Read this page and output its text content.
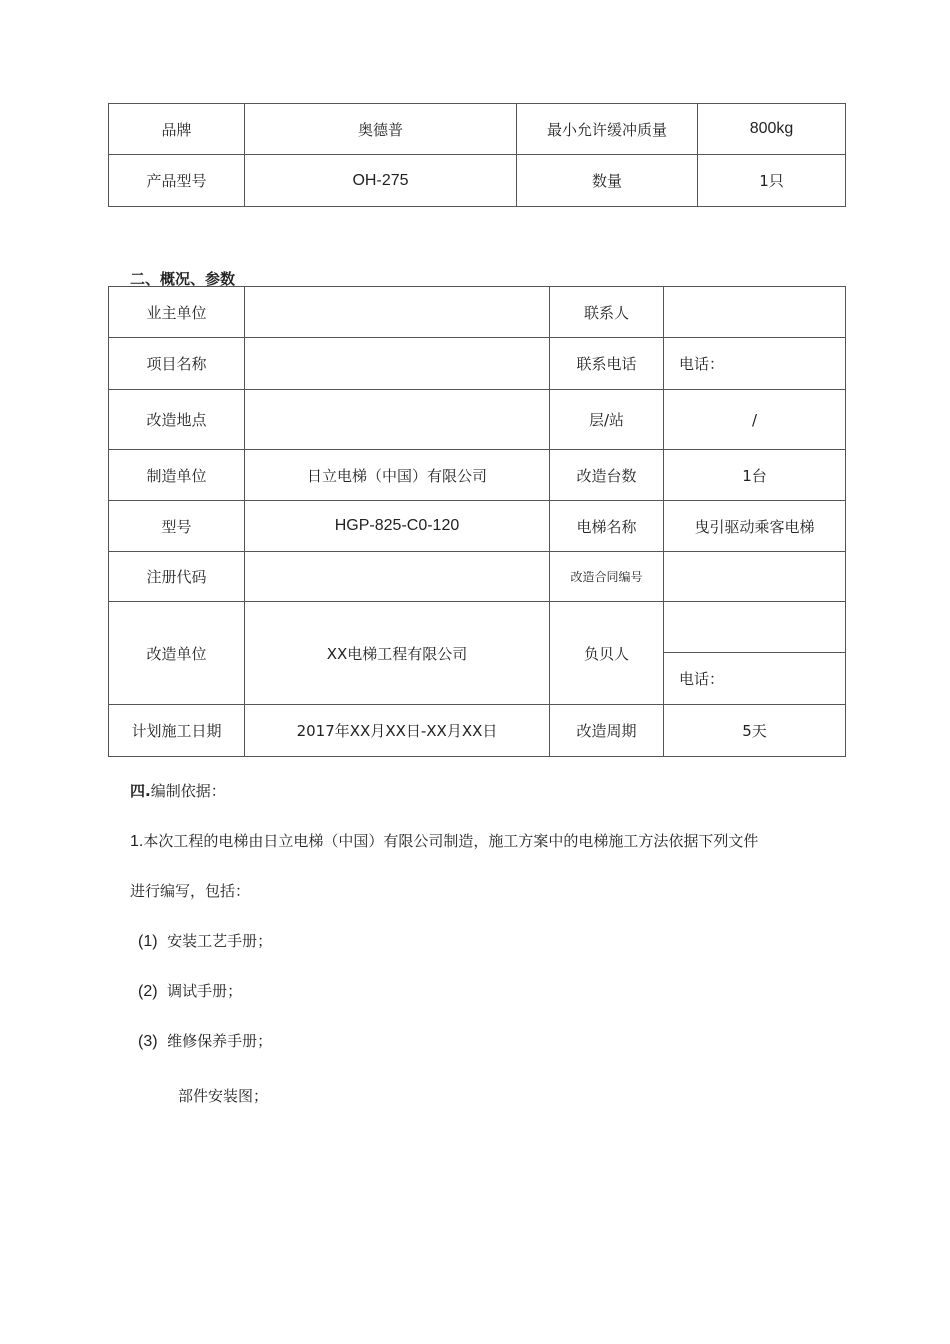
品牌	奥德普	最小允许缓冲质量	800kg
产品型号	OH-275	数量	1只
二、概况、参数
业主单位		联系人	
项目名称		联系电话	电话：
改造地点		层/站	/
制造单位	日立电梯（中国）有限公司	改造台数	1台
型号	HGP-825-C0-120	电梯名称	曳引驱动乘客电梯
注册代码		改造合同编号	
改造单位	XX电梯工程有限公司	负贝人	
			电话：
计划施工日期	2017年XX月XX日-XX月XX日	改造周期	5天
四.编制依据：
1.本次工程的电梯由日立电梯（中国）有限公司制造，施工方案中的电梯施工方法依据下列文件
进行编写，包括：
(1) 安装工艺手册；
(2) 调试手册；
(3) 维修保养手册；
部件安装图；
